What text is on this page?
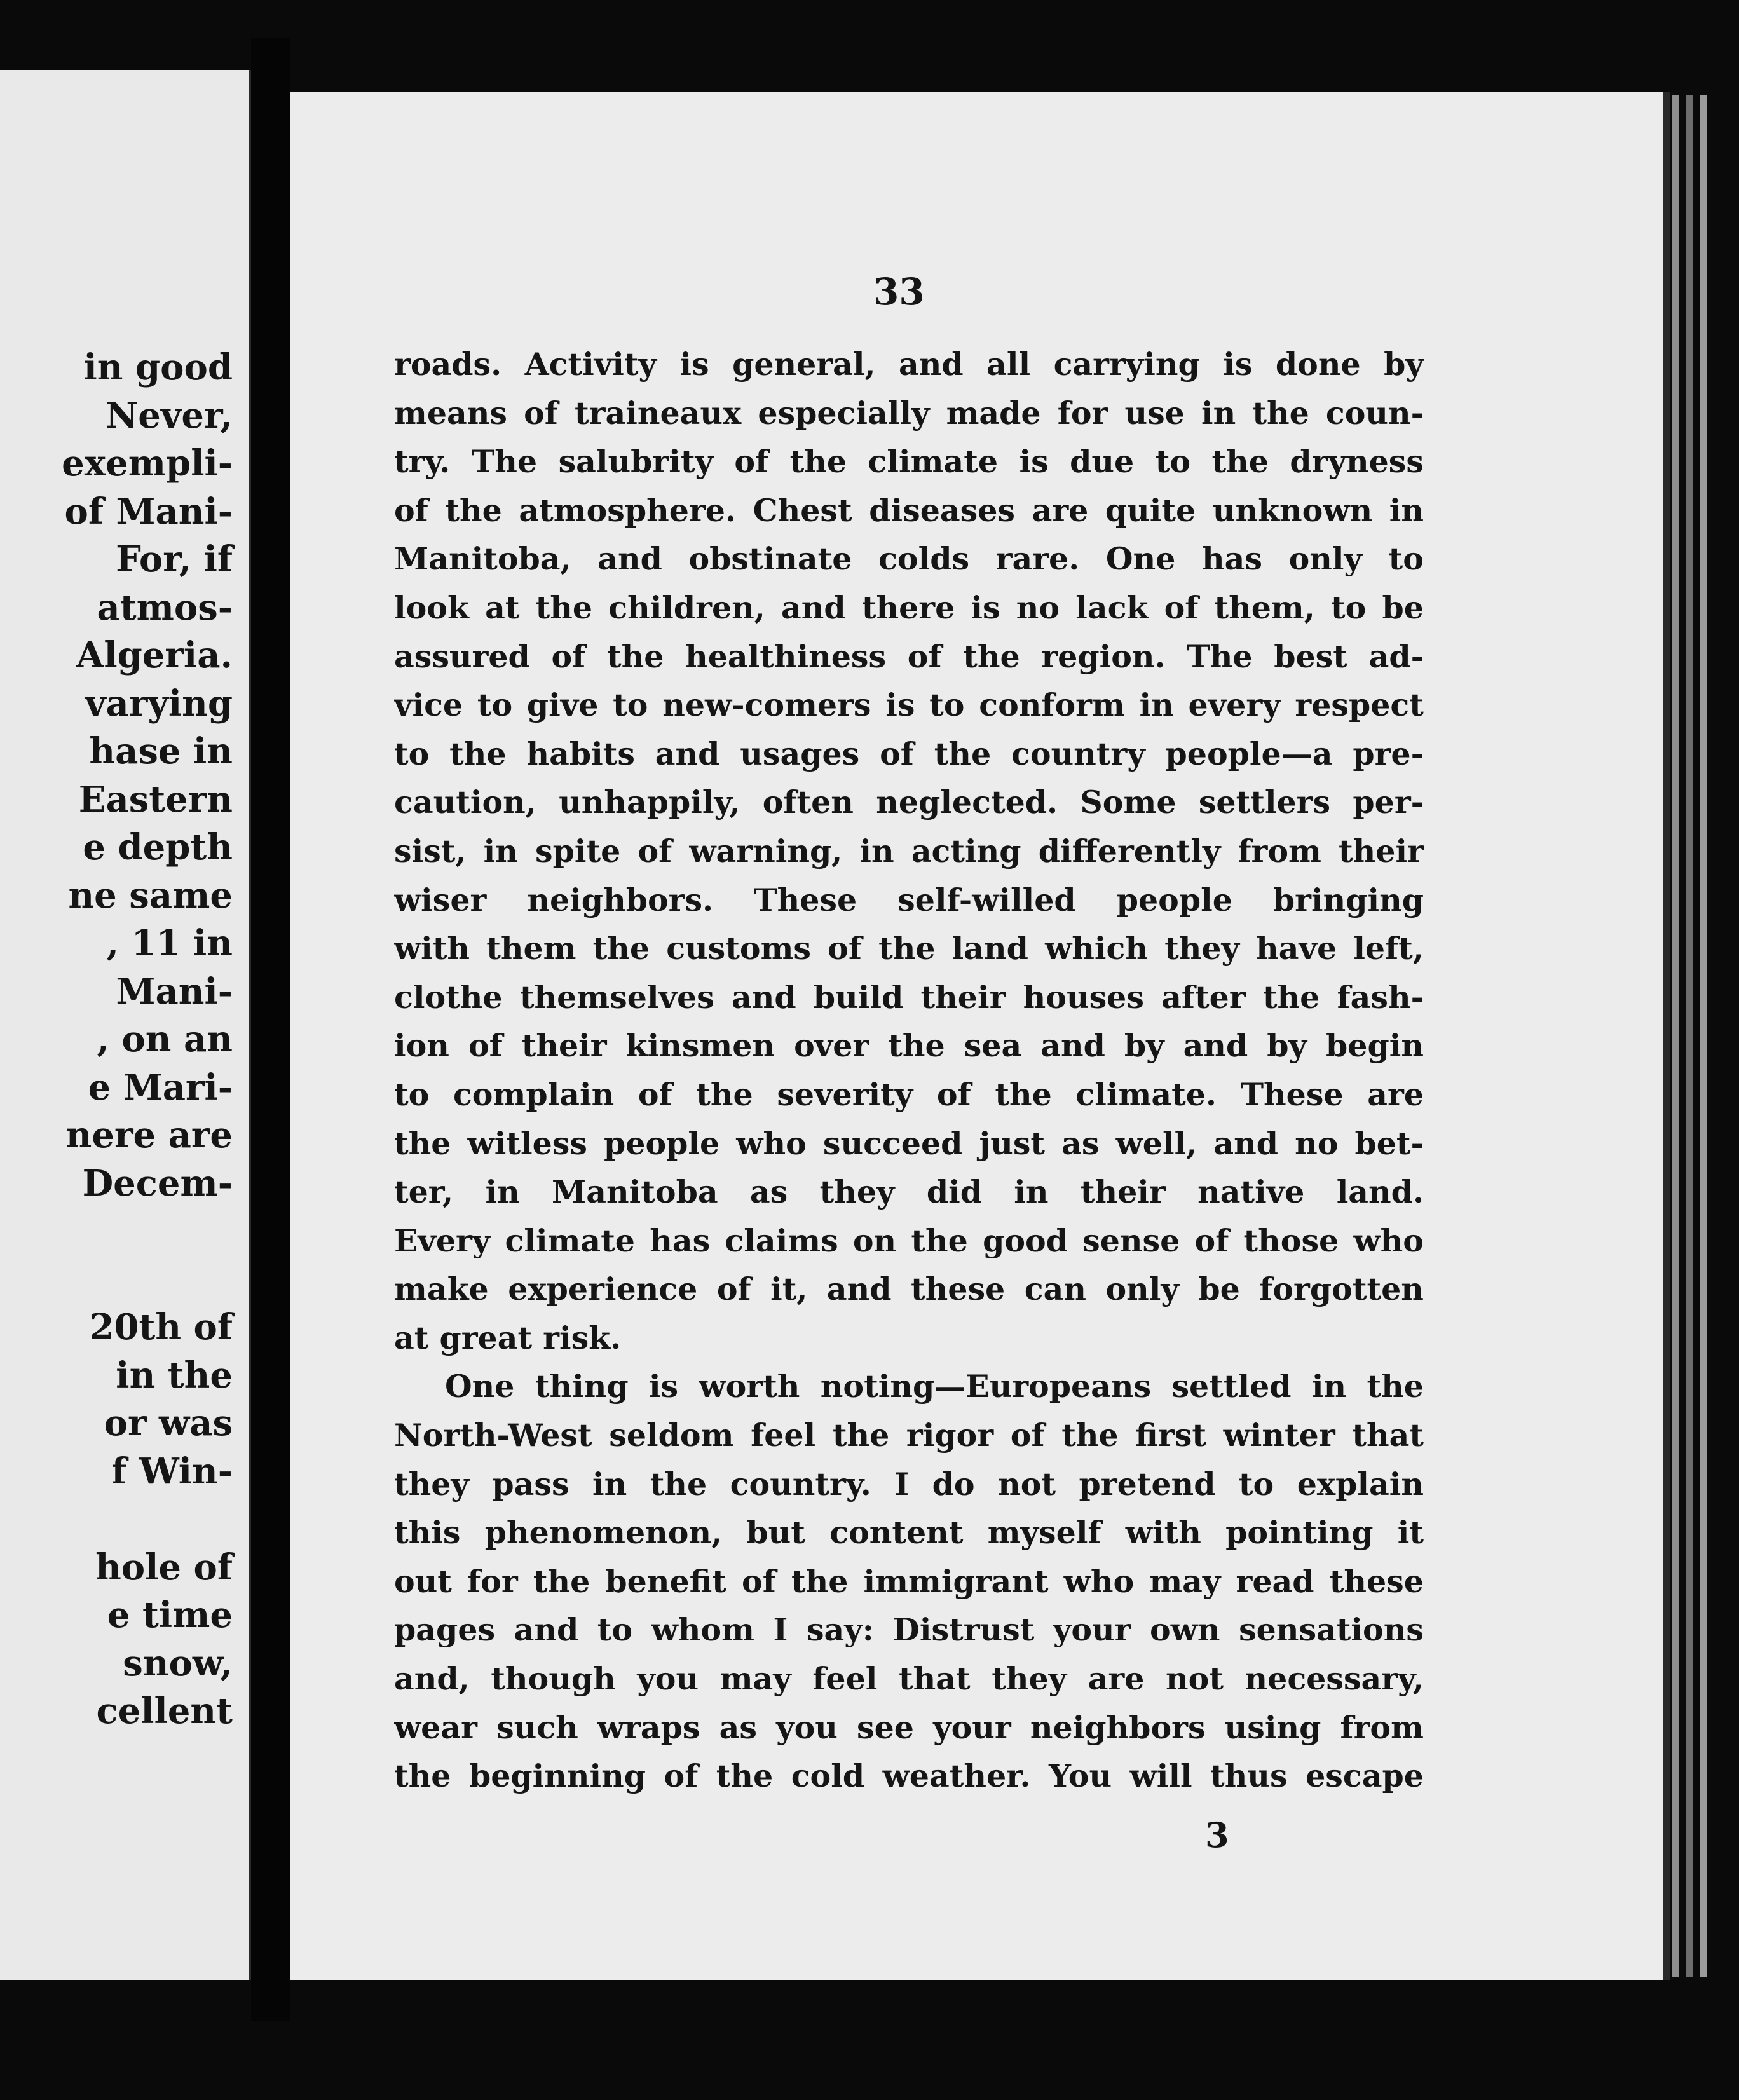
in good
Never,
exempli-
of Mani-
For, if
atmos-
Algeria.
varying
hase in
Eastern
e depth
ne same
, 11 in
Mani-
, on an
e Mari-
nere are
Decem-
20th of
in the
or was
f Win-
hole of
e time
snow,
cellent
33
roads. Activity is general, and all carrying is done by
means of traineaux especially made for use in the coun-
try. The salubrity of the climate is due to the dryness
of the atmosphere. Chest diseases are quite unknown in
Manitoba, and obstinate colds rare. One has only to
look at the children, and there is no lack of them, to be
assured of the healthiness of the region. The best ad-
vice to give to new-comers is to conform in every respect
to the habits and usages of the country people—a pre-
caution, unhappily, often neglected. Some settlers per-
sist, in spite of warning, in acting differently from their
wiser neighbors. These self-willed people bringing
with them the customs of the land which they have left,
clothe themselves and build their houses after the fash-
ion of their kinsmen over the sea and by and by begin
to complain of the severity of the climate. These are
the witless people who succeed just as well, and no bet-
ter, in Manitoba as they did in their native land.
Every climate has claims on the good sense of those who
make experience of it, and these can only be forgotten
at great risk.
One thing is worth noting—Europeans settled in the
North-West seldom feel the rigor of the first winter that
they pass in the country. I do not pretend to explain
this phenomenon, but content myself with pointing it
out for the benefit of the immigrant who may read these
pages and to whom I say: Distrust your own sensations
and, though you may feel that they are not necessary,
wear such wraps as you see your neighbors using from
the beginning of the cold weather. You will thus escape
3
